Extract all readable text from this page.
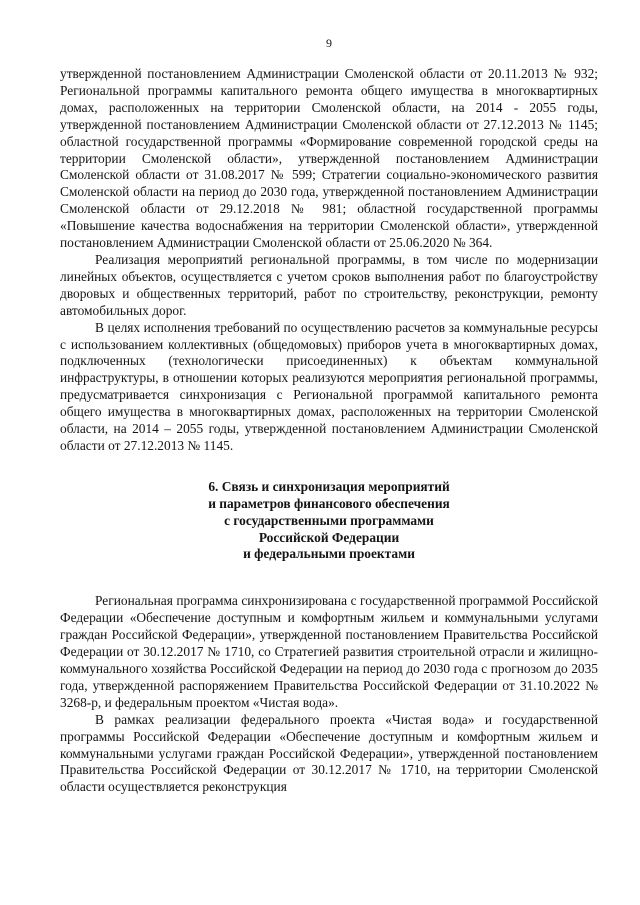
9

утвержденной постановлением Администрации Смоленской области от 20.11.2013 № 932; Региональной программы капитального ремонта общего имущества в многоквартирных домах, расположенных на территории Смоленской области, на 2014 - 2055 годы, утвержденной постановлением Администрации Смоленской области от 27.12.2013 № 1145; областной государственной программы «Формирование современной городской среды на территории Смоленской области», утвержденной постановлением Администрации Смоленской области от 31.08.2017 № 599; Стратегии социально-экономического развития Смоленской области на период до 2030 года, утвержденной постановлением Администрации Смоленской области от 29.12.2018 № 981; областной государственной программы «Повышение качества водоснабжения на территории Смоленской области», утвержденной постановлением Администрации Смоленской области от 25.06.2020 № 364.

Реализация мероприятий региональной программы, в том числе по модернизации линейных объектов, осуществляется с учетом сроков выполнения работ по благоустройству дворовых и общественных территорий, работ по строительству, реконструкции, ремонту автомобильных дорог.

В целях исполнения требований по осуществлению расчетов за коммунальные ресурсы с использованием коллективных (общедомовых) приборов учета в многоквартирных домах, подключенных (технологически присоединенных) к объектам коммунальной инфраструктуры, в отношении которых реализуются мероприятия региональной программы, предусматривается синхронизация с Региональной программой капитального ремонта общего имущества в многоквартирных домах, расположенных на территории Смоленской области, на 2014 – 2055 годы, утвержденной постановлением Администрации Смоленской области от 27.12.2013 № 1145.

6. Связь и синхронизация мероприятий
и параметров финансового обеспечения
с государственными программами
Российской Федерации
и федеральными проектами

Региональная программа синхронизирована с государственной программой Российской Федерации «Обеспечение доступным и комфортным жильем и коммунальными услугами граждан Российской Федерации», утвержденной постановлением Правительства Российской Федерации от 30.12.2017 № 1710, со Стратегией развития строительной отрасли и жилищно-коммунального хозяйства Российской Федерации на период до 2030 года с прогнозом до 2035 года, утвержденной распоряжением Правительства Российской Федерации от 31.10.2022 № 3268-р, и федеральным проектом «Чистая вода».

В рамках реализации федерального проекта «Чистая вода» и государственной программы Российской Федерации «Обеспечение доступным и комфортным жильем и коммунальными услугами граждан Российской Федерации», утвержденной постановлением Правительства Российской Федерации от 30.12.2017 № 1710, на территории Смоленской области осуществляется реконструкция
